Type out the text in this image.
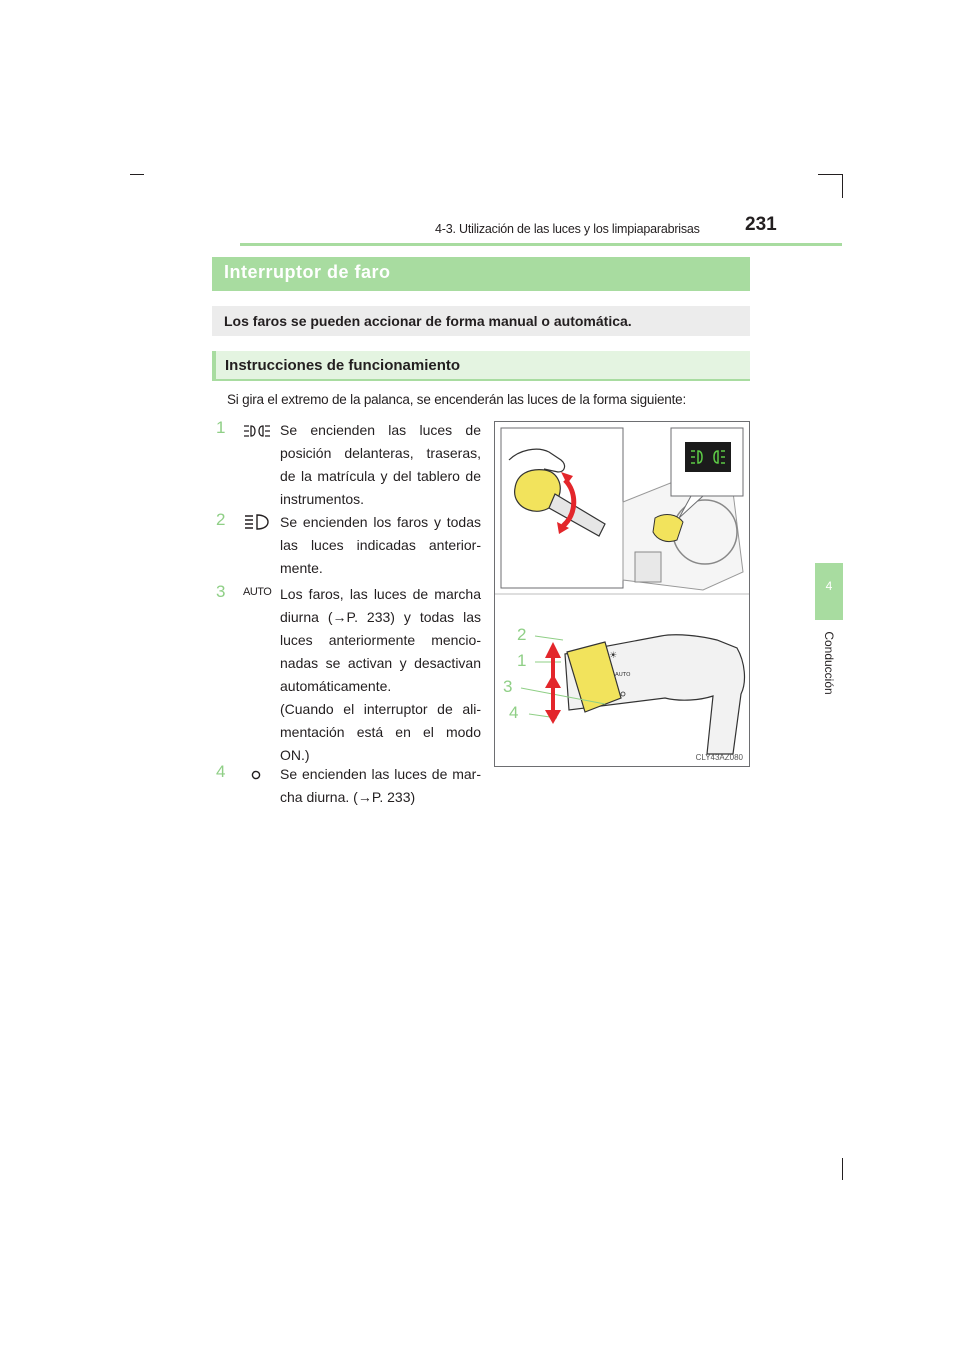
4-3. Utilización de las luces y los limpiaparabrisas 231
4
Conducción
Interruptor de faro
Los faros se pueden accionar de forma manual o automática.
Instrucciones de funcionamiento
Si gira el extremo de la palanca, se encenderán las luces de la forma siguiente:
1	Se encienden las luces de posición delanteras, traseras, de la matrícula y del tablero de instrumentos.
2	Se encienden los faros y todas las luces indicadas anterior-mente.
3	AUTO Los faros, las luces de marcha diurna (→P. 233) y todas las luces anteriormente mencio-nadas se activan y desactivan automáticamente.
(Cuando el interruptor de ali-mentación está en el modo ON.)
4	Se encienden las luces de mar-cha diurna. (→P. 233)
☀
AUTO
2
1
3
4
CLY43AZ080
